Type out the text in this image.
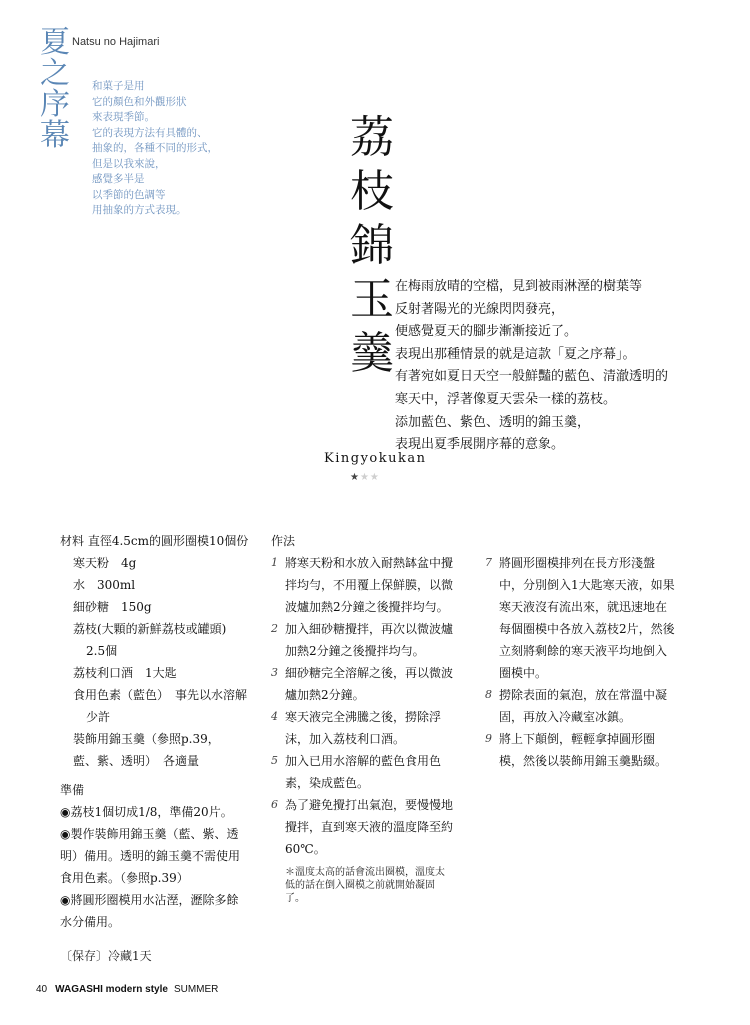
夏
之
序
幕
Natsu no Hajimari
和菓子是用
它的顏色和外觀形狀
來表現季節。
它的表現方法有具體的、
抽象的，各種不同的形式，
但是以我來說，
感覺多半是
以季節的色調等
用抽象的方式表現。
荔
枝
錦
玉
羹
在梅雨放晴的空檔，見到被雨淋溼的樹葉等
反射著陽光的光線閃閃發亮，
便感覺夏天的腳步漸漸接近了。
表現出那種情景的就是這款「夏之序幕」。
有著宛如夏日天空一般鮮豔的藍色、清澈透明的
寒天中，浮著像夏天雲朵一樣的荔枝。
添加藍色、紫色、透明的錦玉羹，
表現出夏季展開序幕的意象。
Kingyokukan
★★★
材料 直徑4.5cm的圓形圈模10個份
寒天粉　4g
水　300ml
細砂糖　150g
荔枝(大顆的新鮮荔枝或罐頭)
2.5個
荔枝利口酒　1大匙
食用色素（藍色）　事先以水溶解
少許
裝飾用錦玉羹（參照p.39，
藍、紫、透明）　各適量
準備
◉荔枝1個切成1/8，準備20片。
◉製作裝飾用錦玉羹（藍、紫、透
明）備用。透明的錦玉羹不需使用
食用色素。（參照p.39）
◉將圓形圈模用水沾溼，瀝除多餘
水分備用。
〔保存〕冷藏1天
作法
1 將寒天粉和水放入耐熱缽盆中攪
拌均勻，不用覆上保鮮膜，以微
波爐加熱2分鐘之後攪拌均勻。
2 加入細砂糖攪拌，再次以微波爐
加熱2分鐘之後攪拌均勻。
3 細砂糖完全溶解之後，再以微波
爐加熱2分鐘。
4 寒天液完全沸騰之後，撈除浮
沫，加入荔枝利口酒。
5 加入已用水溶解的藍色食用色
素，染成藍色。
6 為了避免攪打出氣泡，要慢慢地
攪拌，直到寒天液的溫度降至約
60℃。
＊溫度太高的話會流出圈模，溫度太
低的話在倒入圈模之前就開始凝固
了。
7 將圓形圈模排列在長方形淺盤
中，分別倒入1大匙寒天液，如果
寒天液沒有流出來，就迅速地在
每個圈模中各放入荔枝2片，然後
立刻將剩餘的寒天液平均地倒入
圈模中。
8 撈除表面的氣泡，放在常溫中凝
固，再放入冷藏室冰鎮。
9 將上下顛倒，輕輕拿掉圓形圈
模，然後以裝飾用錦玉羹點綴。
40 WAGASHI modern style SUMMER
